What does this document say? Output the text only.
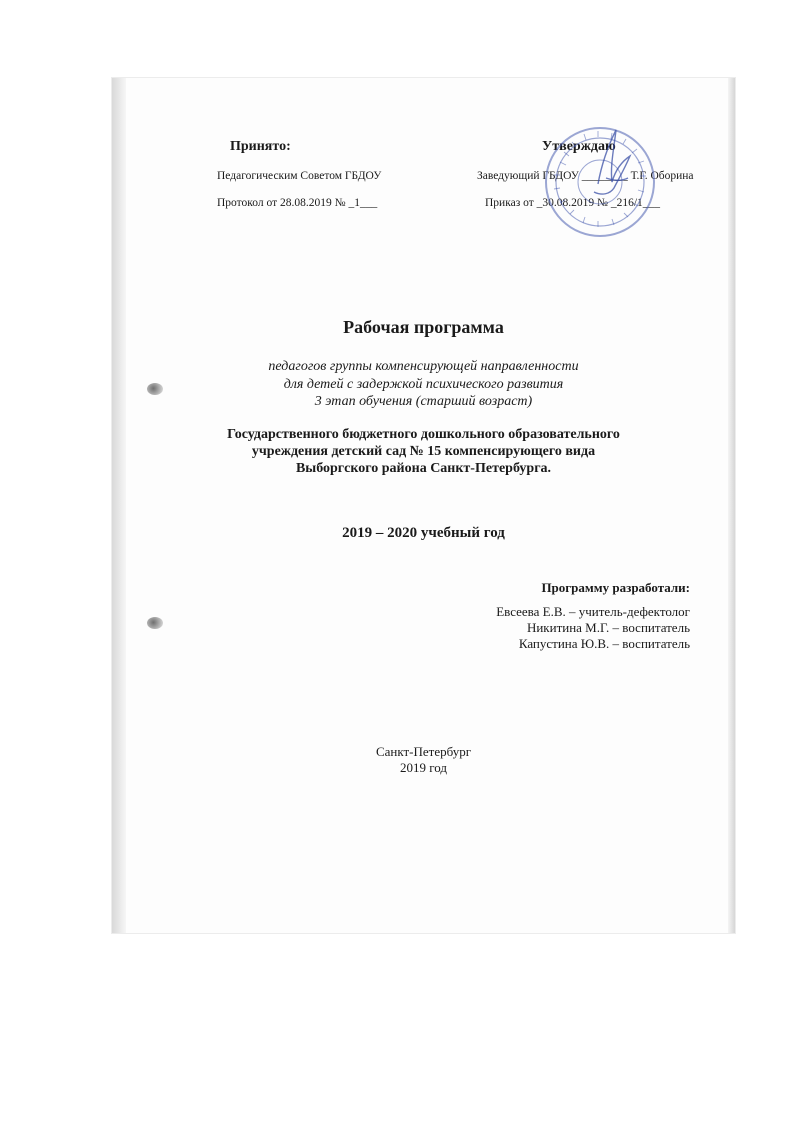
Принято:
Педагогическим Советом ГБДОУ
Протокол от 28.08.2019 № _1___
Утверждаю
Заведующий ГБДОУ ________ Т.Г. Оборина
Приказ от _30.08.2019 № _216/1___
Рабочая программа
педагогов группы компенсирующей направленности
для детей с задержкой психического развития
3 этап обучения (старший возраст)
Государственного бюджетного дошкольного образовательного
учреждения детский сад № 15 компенсирующего вида
Выборгского района Санкт-Петербурга.
2019 – 2020 учебный год
Программу разработали:
Евсеева Е.В. – учитель-дефектолог
Никитина М.Г. – воспитатель
Капустина Ю.В. – воспитатель
Санкт-Петербург
2019 год
